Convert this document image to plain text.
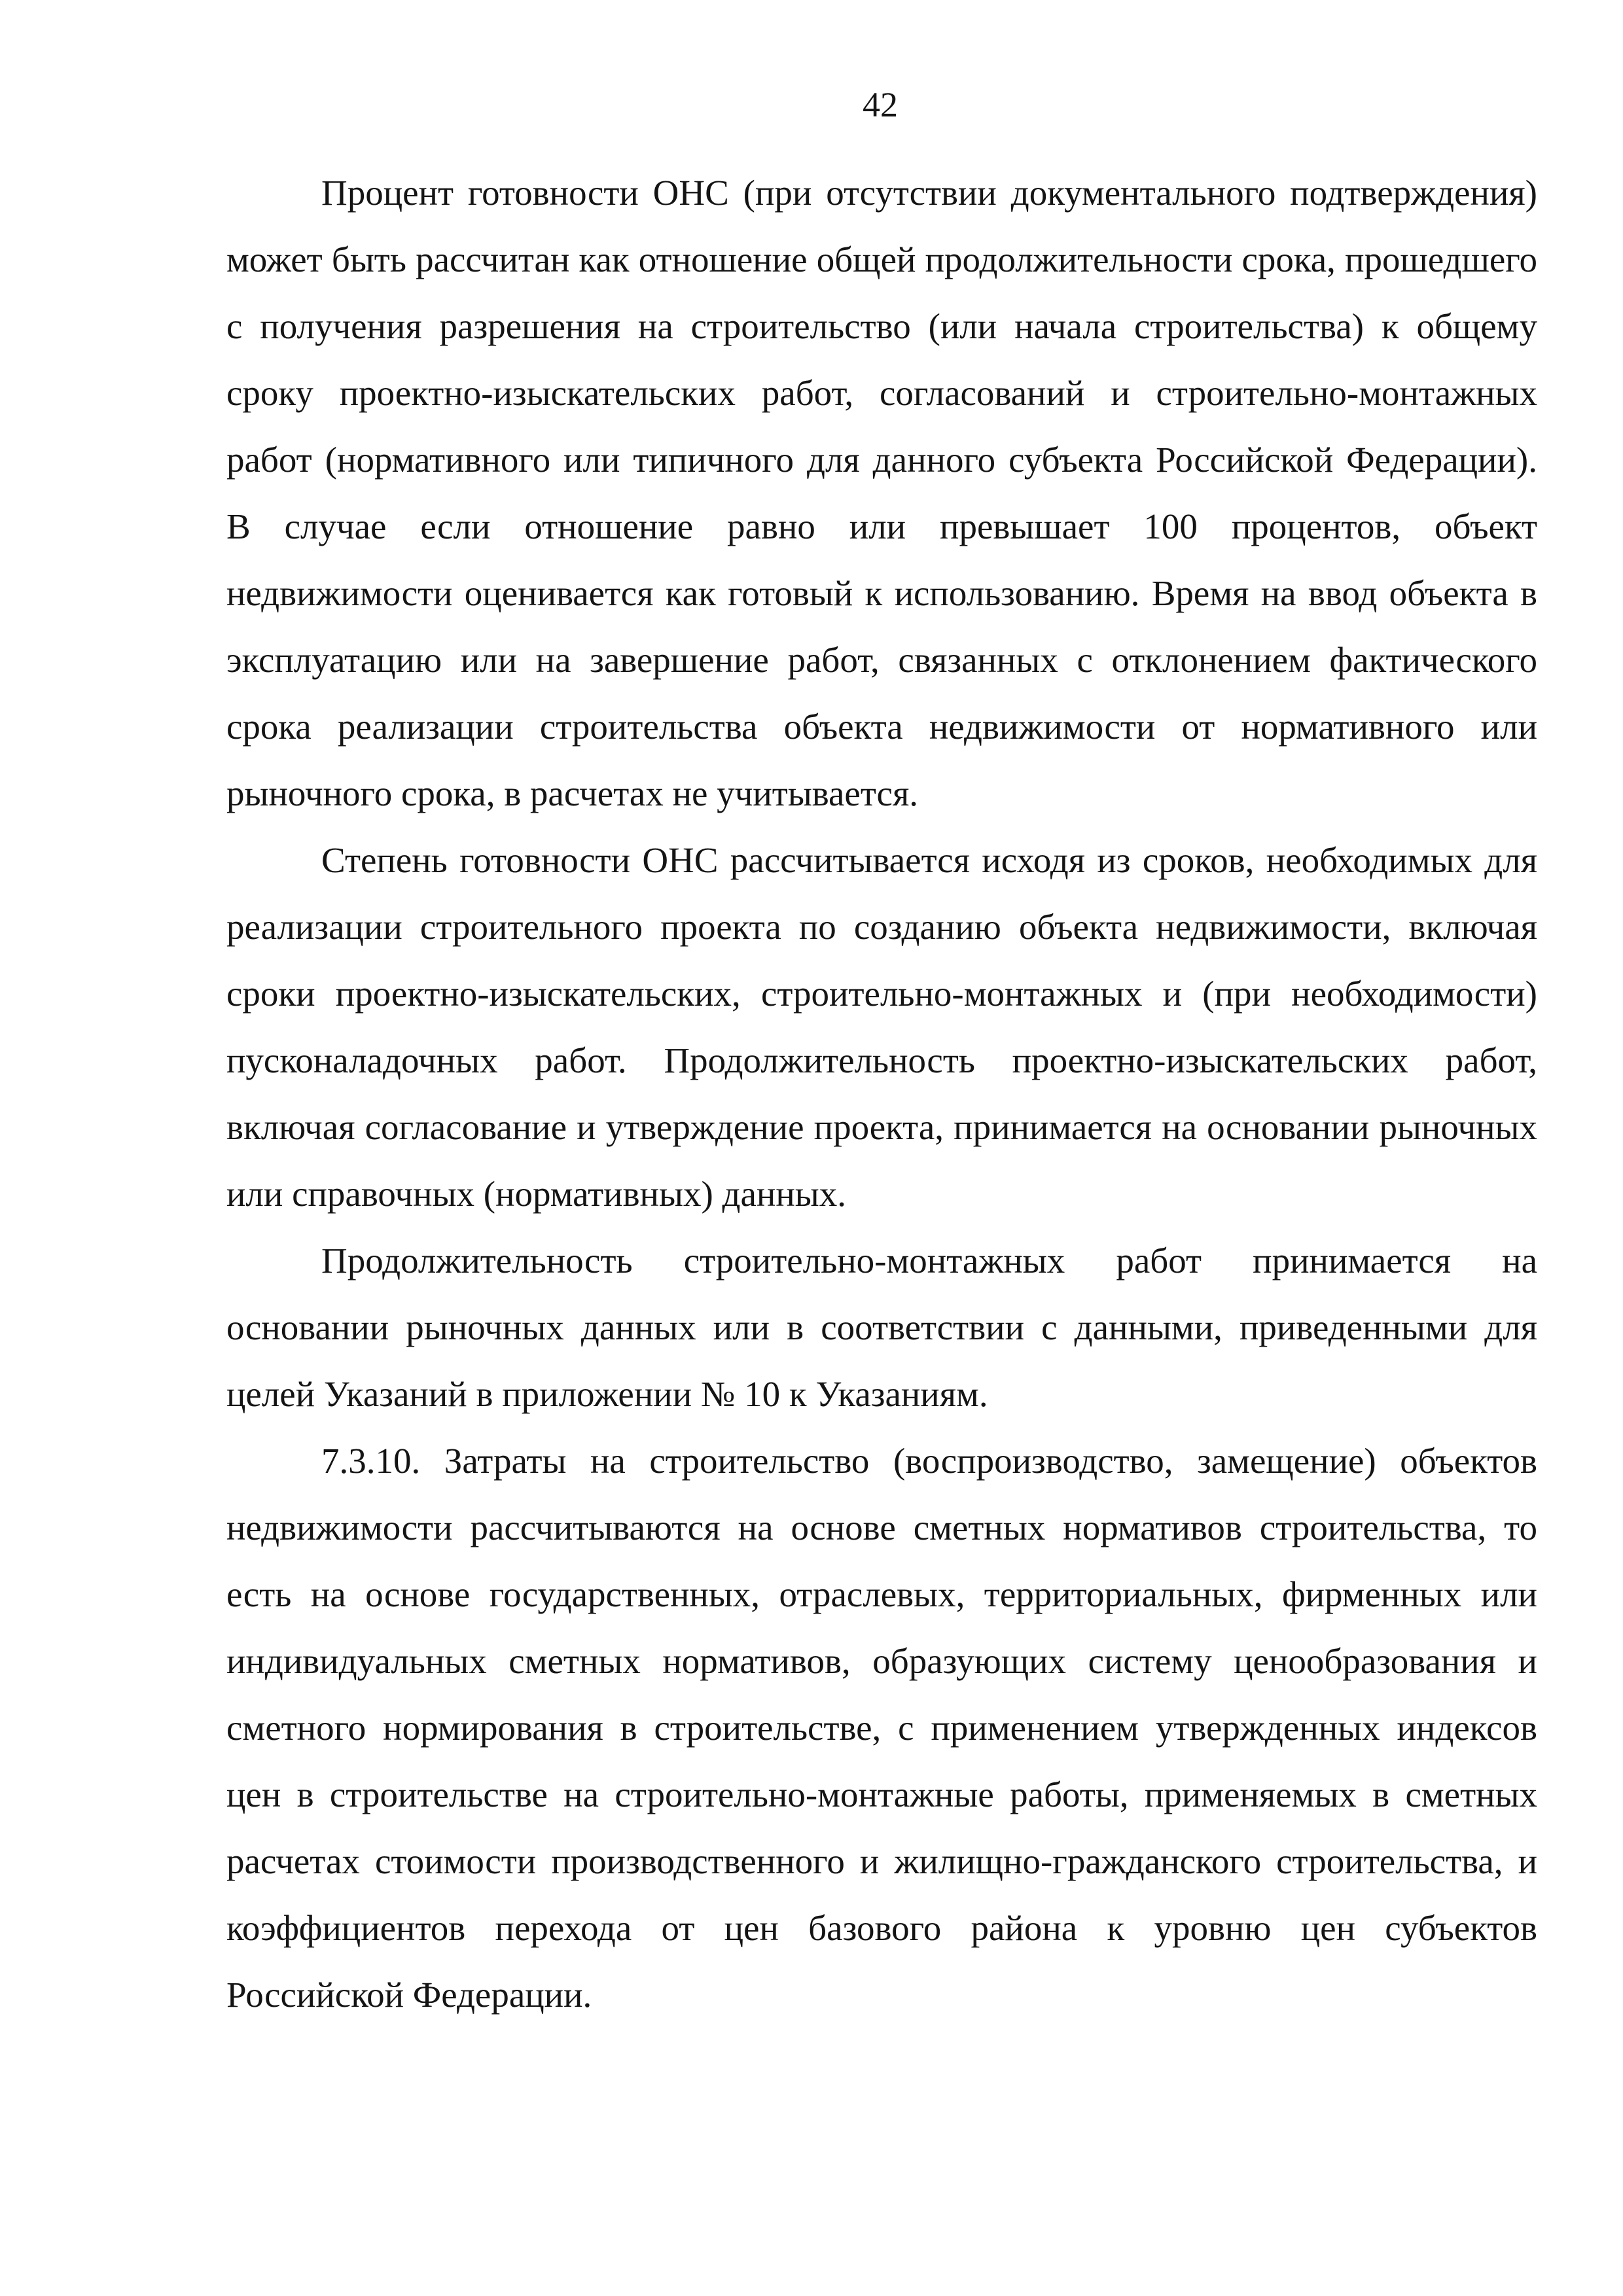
42

Процент готовности ОНС (при отсутствии документального подтверждения) может быть рассчитан как отношение общей продолжительности срока, прошедшего с получения разрешения на строительство (или начала строительства) к общему сроку проектно-изыскательских работ, согласований и строительно-монтажных работ (нормативного или типичного для данного субъекта Российской Федерации). В случае если отношение равно или превышает 100 процентов, объект недвижимости оценивается как готовый к использованию. Время на ввод объекта в эксплуатацию или на завершение работ, связанных с отклонением фактического срока реализации строительства объекта недвижимости от нормативного или рыночного срока, в расчетах не учитывается.

Степень готовности ОНС рассчитывается исходя из сроков, необходимых для реализации строительного проекта по созданию объекта недвижимости, включая сроки проектно-изыскательских, строительно-монтажных и (при необходимости) пусконаладочных работ. Продолжительность проектно-изыскательских работ, включая согласование и утверждение проекта, принимается на основании рыночных или справочных (нормативных) данных.

Продолжительность строительно-монтажных работ принимается на основании рыночных данных или в соответствии с данными, приведенными для целей Указаний в приложении № 10 к Указаниям.

7.3.10. Затраты на строительство (воспроизводство, замещение) объектов недвижимости рассчитываются на основе сметных нормативов строительства, то есть на основе государственных, отраслевых, территориальных, фирменных или индивидуальных сметных нормативов, образующих систему ценообразования и сметного нормирования в строительстве, с применением утвержденных индексов цен в строительстве на строительно-монтажные работы, применяемых в сметных расчетах стоимости производственного и жилищно-гражданского строительства, и коэффициентов перехода от цен базового района к уровню цен субъектов Российской Федерации.
